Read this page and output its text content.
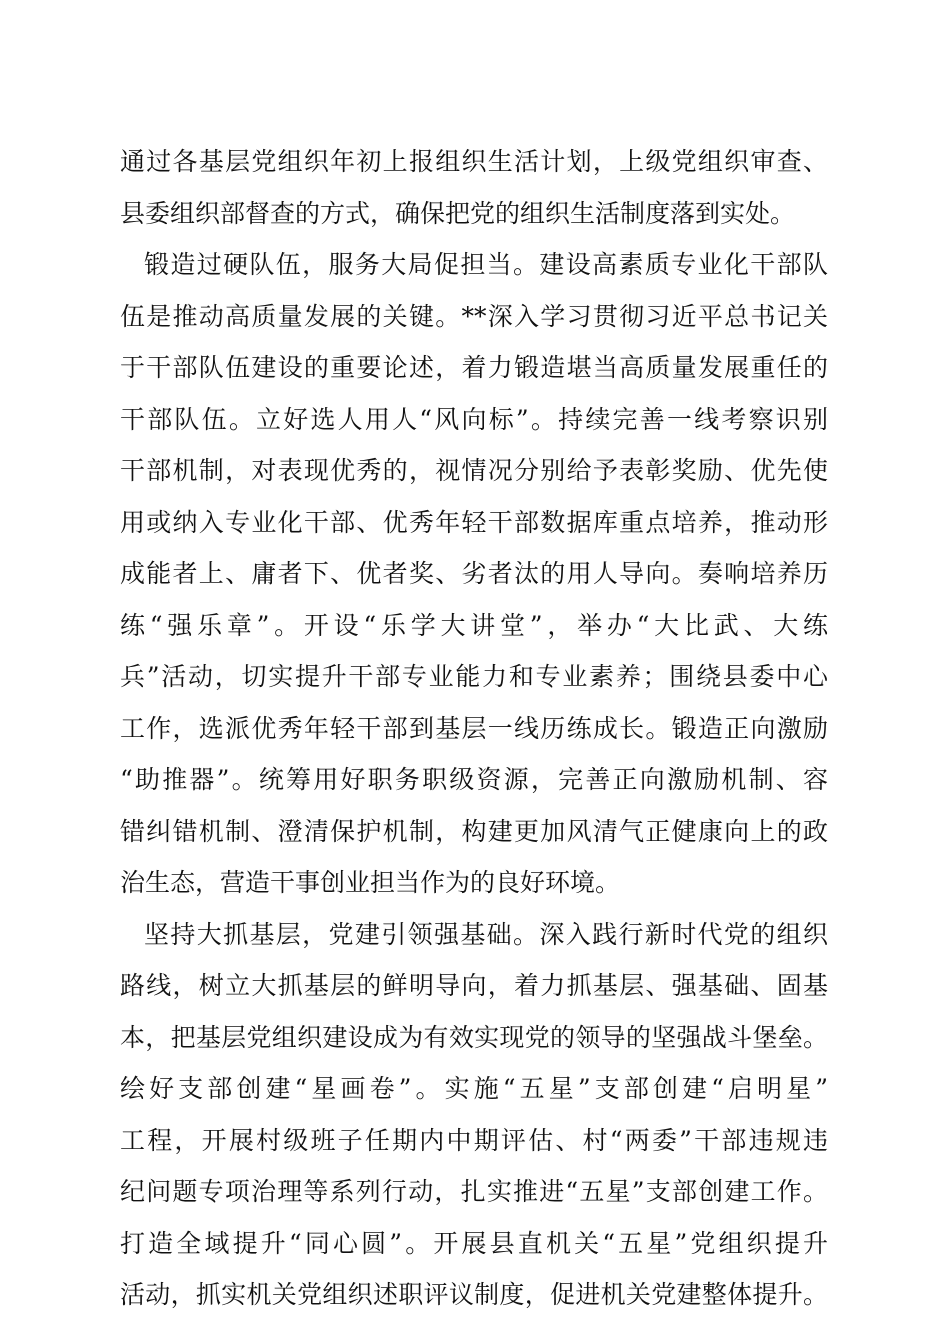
通过各基层党组织年初上报组织生活计划，上级党组织审查、
县委组织部督查的方式，确保把党的组织生活制度落到实处。
锻造过硬队伍，服务大局促担当。建设高素质专业化干部队
伍是推动高质量发展的关键。**深入学习贯彻习近平总书记关
于干部队伍建设的重要论述，着力锻造堪当高质量发展重任的
干部队伍。立好选人用人“风向标”。持续完善一线考察识别
干部机制，对表现优秀的，视情况分别给予表彰奖励、优先使
用或纳入专业化干部、优秀年轻干部数据库重点培养，推动形
成能者上、庸者下、优者奖、劣者汰的用人导向。奏响培养历
练“强乐章”。开设“乐学大讲堂”，举办“大比武、大练
兵”活动，切实提升干部专业能力和专业素养；围绕县委中心
工作，选派优秀年轻干部到基层一线历练成长。锻造正向激励
“助推器”。统筹用好职务职级资源，完善正向激励机制、容
错纠错机制、澄清保护机制，构建更加风清气正健康向上的政
治生态，营造干事创业担当作为的良好环境。
坚持大抓基层，党建引领强基础。深入践行新时代党的组织
路线，树立大抓基层的鲜明导向，着力抓基层、强基础、固基
本，把基层党组织建设成为有效实现党的领导的坚强战斗堡垒。
绘好支部创建“星画卷”。实施“五星”支部创建“启明星”
工程，开展村级班子任期内中期评估、村“两委”干部违规违
纪问题专项治理等系列行动，扎实推进“五星”支部创建工作。
打造全域提升“同心圆”。开展县直机关“五星”党组织提升
活动，抓实机关党组织述职评议制度，促进机关党建整体提升。
